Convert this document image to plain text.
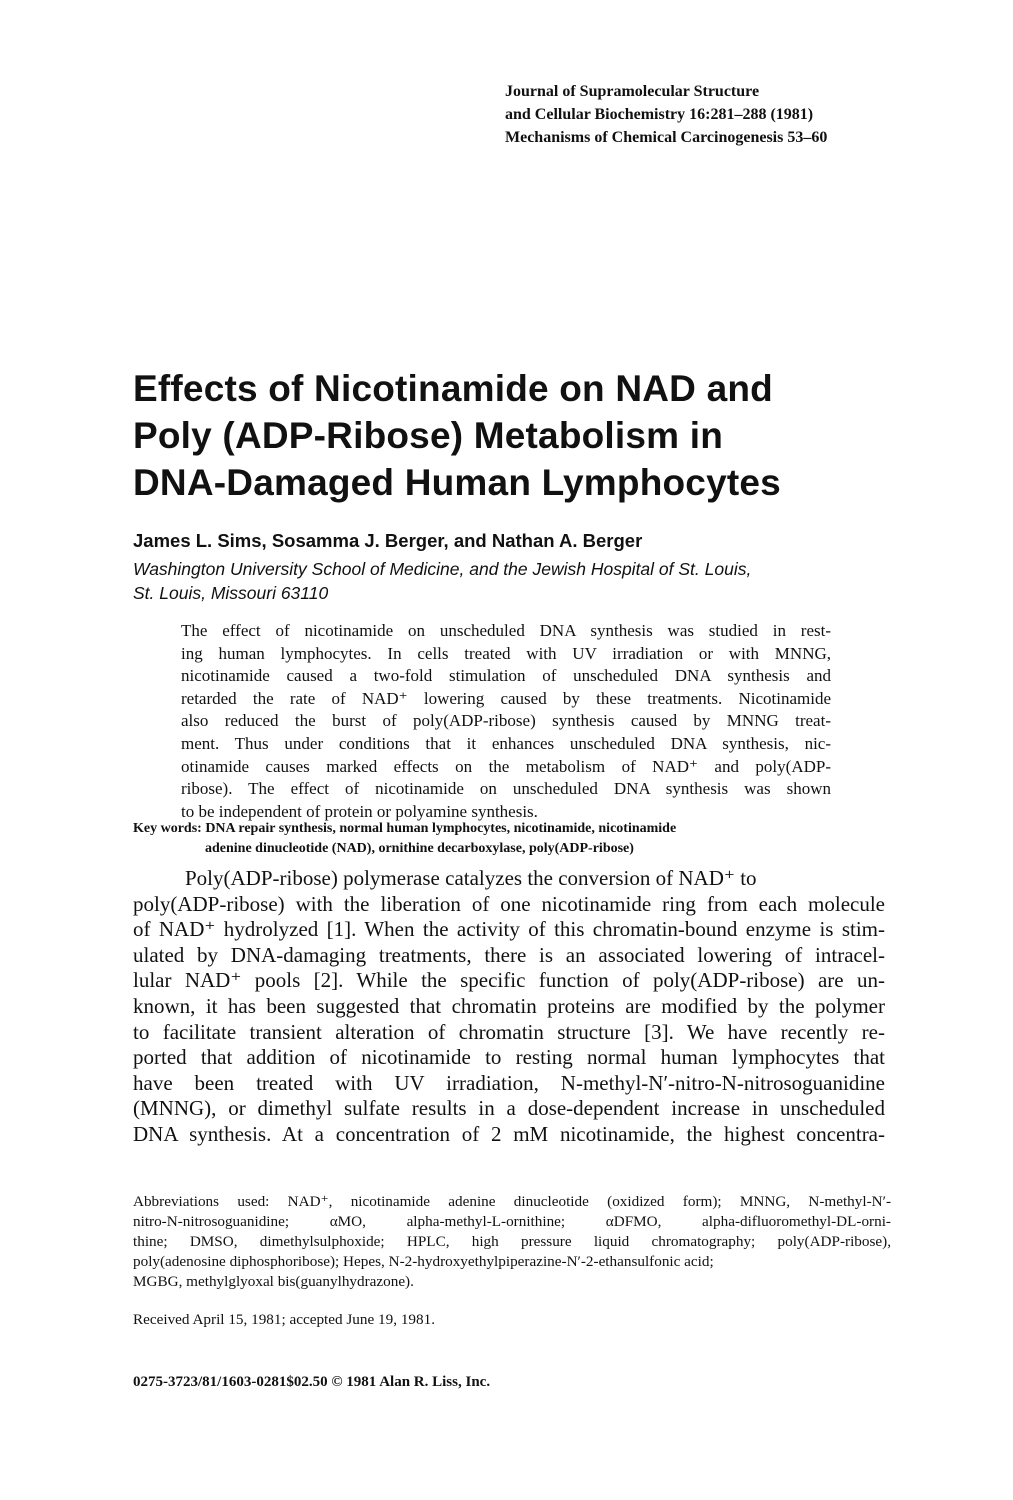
Journal of Supramolecular Structure
and Cellular Biochemistry 16:281–288 (1981)
Mechanisms of Chemical Carcinogenesis 53–60
Effects of Nicotinamide on NAD and
Poly (ADP-Ribose) Metabolism in
DNA-Damaged Human Lymphocytes
James L. Sims, Sosamma J. Berger, and Nathan A. Berger
Washington University School of Medicine, and the Jewish Hospital of St. Louis,
St. Louis, Missouri 63110
The effect of nicotinamide on unscheduled DNA synthesis was studied in rest-
ing human lymphocytes. In cells treated with UV irradiation or with MNNG,
nicotinamide caused a two-fold stimulation of unscheduled DNA synthesis and
retarded the rate of NAD⁺ lowering caused by these treatments. Nicotinamide
also reduced the burst of poly(ADP-ribose) synthesis caused by MNNG treat-
ment. Thus under conditions that it enhances unscheduled DNA synthesis, nic-
otinamide causes marked effects on the metabolism of NAD⁺ and poly(ADP-
ribose). The effect of nicotinamide on unscheduled DNA synthesis was shown
to be independent of protein or polyamine synthesis.
Key words: DNA repair synthesis, normal human lymphocytes, nicotinamide, nicotinamide
adenine dinucleotide (NAD), ornithine decarboxylase, poly(ADP-ribose)
Poly(ADP-ribose) polymerase catalyzes the conversion of NAD⁺ to
poly(ADP-ribose) with the liberation of one nicotinamide ring from each molecule
of NAD⁺ hydrolyzed [1]. When the activity of this chromatin-bound enzyme is stim-
ulated by DNA-damaging treatments, there is an associated lowering of intracel-
lular NAD⁺ pools [2]. While the specific function of poly(ADP-ribose) are un-
known, it has been suggested that chromatin proteins are modified by the polymer
to facilitate transient alteration of chromatin structure [3]. We have recently re-
ported that addition of nicotinamide to resting normal human lymphocytes that
have been treated with UV irradiation, N-methyl-N′-nitro-N-nitrosoguanidine
(MNNG), or dimethyl sulfate results in a dose-dependent increase in unscheduled
DNA synthesis. At a concentration of 2 mM nicotinamide, the highest concentra-
Abbreviations used: NAD⁺, nicotinamide adenine dinucleotide (oxidized form); MNNG, N-methyl-N′-
nitro-N-nitrosoguanidine; αMO, alpha-methyl-L-ornithine; αDFMO, alpha-difluoromethyl-DL-orni-
thine; DMSO, dimethylsulphoxide; HPLC, high pressure liquid chromatography; poly(ADP-ribose),
poly(adenosine diphosphoribose); Hepes, N-2-hydroxyethylpiperazine-N′-2-ethansulfonic acid;
MGBG, methylglyoxal bis(guanylhydrazone).
Received April 15, 1981; accepted June 19, 1981.
0275-3723/81/1603-0281$02.50 © 1981 Alan R. Liss, Inc.
